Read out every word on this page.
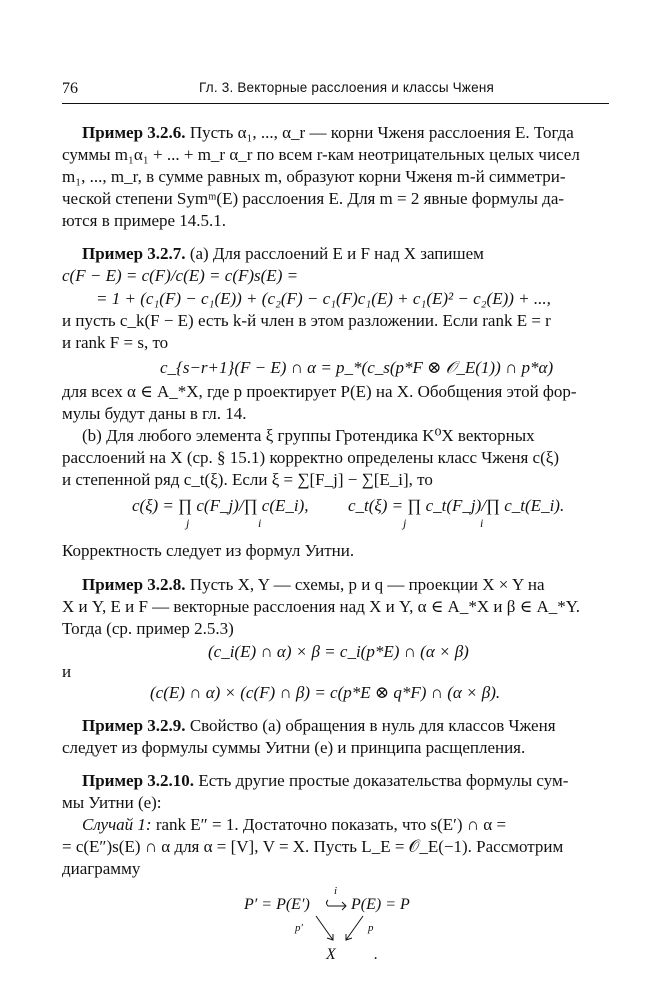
76	Гл. 3. Векторные расслоения и классы Чженя
Пример 3.2.6. Пусть α₁, ..., α_r — корни Чженя расслоения E. Тогда
суммы m₁α₁ + ... + m_r α_r по всем r-кам неотрицательных целых чисел
m₁, ..., m_r, в сумме равных m, образуют корни Чженя m-й симметри-
ческой степени Symᵐ(E) расслоения E. Для m = 2 явные формулы да-
ются в примере 14.5.1.
Пример 3.2.7. (a) Для расслоений E и F над X запишем
c(F − E) = c(F)/c(E) = c(F)s(E) =
= 1 + (c₁(F) − c₁(E)) + (c₂(F) − c₁(F)c₁(E) + c₁(E)² − c₂(E)) + ...,
и пусть c_k(F − E) есть k-й член в этом разложении. Если rank E = r
и rank F = s, то
c_{s−r+1}(F − E) ∩ α = p_*(c_s(p*F ⊗ 𝒪_E(1)) ∩ p*α)
для всех α ∈ A_*X, где p проектирует P(E) на X. Обобщения этой фор-
мулы будут даны в гл. 14.
(b) Для любого элемента ξ группы Гротендика K⁰X векторных
расслоений на X (ср. § 15.1) корректно определены класс Чженя c(ξ)
и степенной ряд c_t(ξ). Если ξ = ∑[F_j] − ∑[E_i], то
c(ξ) = ∏ c(F_j)/∏ c(E_i), c_t(ξ) = ∏ c_t(F_j)/∏ c_t(E_i).
j	i	j	i
Корректность следует из формул Уитни.
Пример 3.2.8. Пусть X, Y — схемы, p и q — проекции X × Y на
X и Y, E и F — векторные расслоения над X и Y, α ∈ A_*X и β ∈ A_*Y.
Тогда (ср. пример 2.5.3)
(c_i(E) ∩ α) × β = c_i(p*E) ∩ (α × β)
и
(c(E) ∩ α) × (c(F) ∩ β) = c(p*E ⊗ q*F) ∩ (α × β).
Пример 3.2.9. Свойство (a) обращения в нуль для классов Чженя
следует из формулы суммы Уитни (e) и принципа расщепления.
Пример 3.2.10. Есть другие простые доказательства формулы сум-
мы Уитни (e):
Случай 1: rank E″ = 1. Достаточно показать, что s(E′) ∩ α =
= c(E″)s(E) ∩ α для α = [V], V = X. Пусть L_E = 𝒪_E(−1). Рассмотрим
диаграмму
P′ = P(E′)
i
P(E) = P
p′	p
X .
